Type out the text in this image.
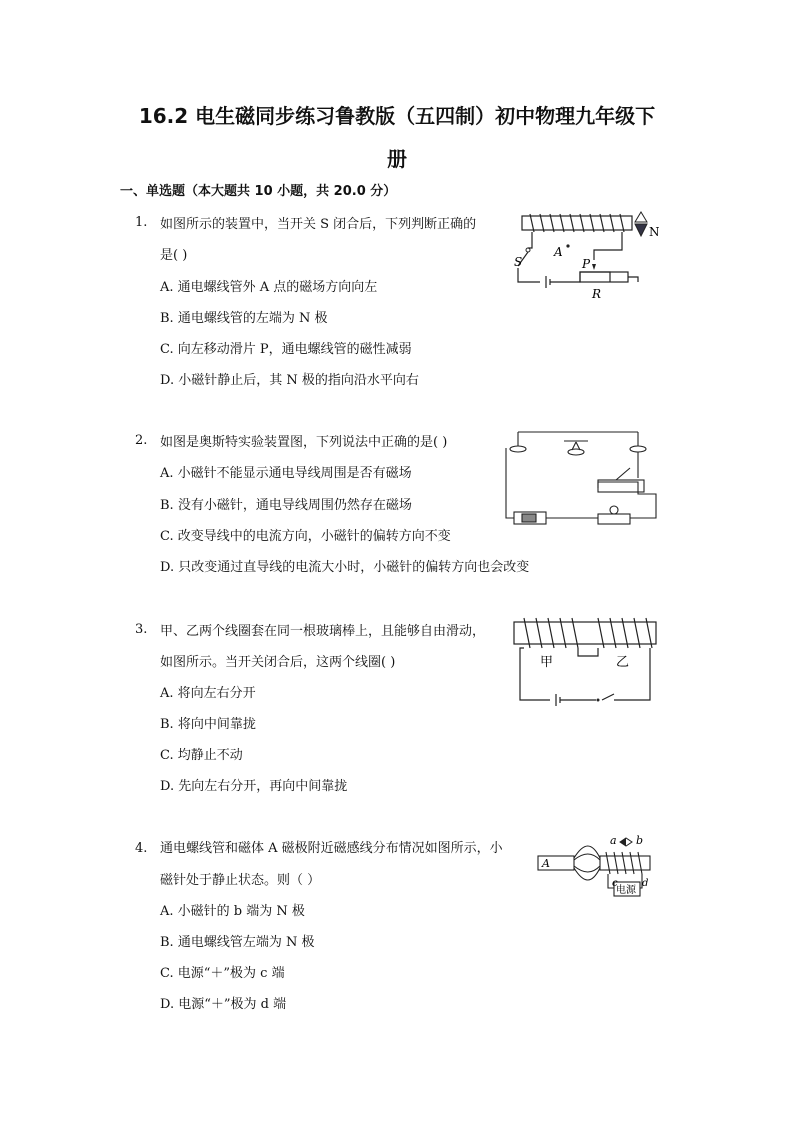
16.2 电生磁同步练习鲁教版（五四制）初中物理九年级下
册
一、单选题（本大题共 10 小题，共 20.0 分）
1. 如图所示的装置中，当开关 S 闭合后，下列判断正确的
是( )
A. 通电螺线管外 A 点的磁场方向向左
B. 通电螺线管的左端为 N 极
C. 向左移动滑片 P，通电螺线管的磁性减弱
D. 小磁针静止后，其 N 极的指向沿水平向右
N
S
A
P
R
2. 如图是奥斯特实验装置图，下列说法中正确的是( )
A. 小磁针不能显示通电导线周围是否有磁场
B. 没有小磁针，通电导线周围仍然存在磁场
C. 改变导线中的电流方向，小磁针的偏转方向不变
D. 只改变通过直导线的电流大小时，小磁针的偏转方向也会改变
3. 甲、乙两个线圈套在同一根玻璃棒上，且能够自由滑动，
如图所示。当开关闭合后，这两个线圈( )
A. 将向左右分开
B. 将向中间靠拢
C. 均静止不动
D. 先向左右分开，再向中间靠拢
甲	乙
4. 通电螺线管和磁体 A 磁极附近磁感线分布情况如图所示，小
磁针处于静止状态。则（ ）
A. 小磁针的 b 端为 N 极
B. 通电螺线管左端为 N 极
C. 电源“＋”极为 c 端
D. 电源“＋”极为 d 端
A
a b
c d
电源
